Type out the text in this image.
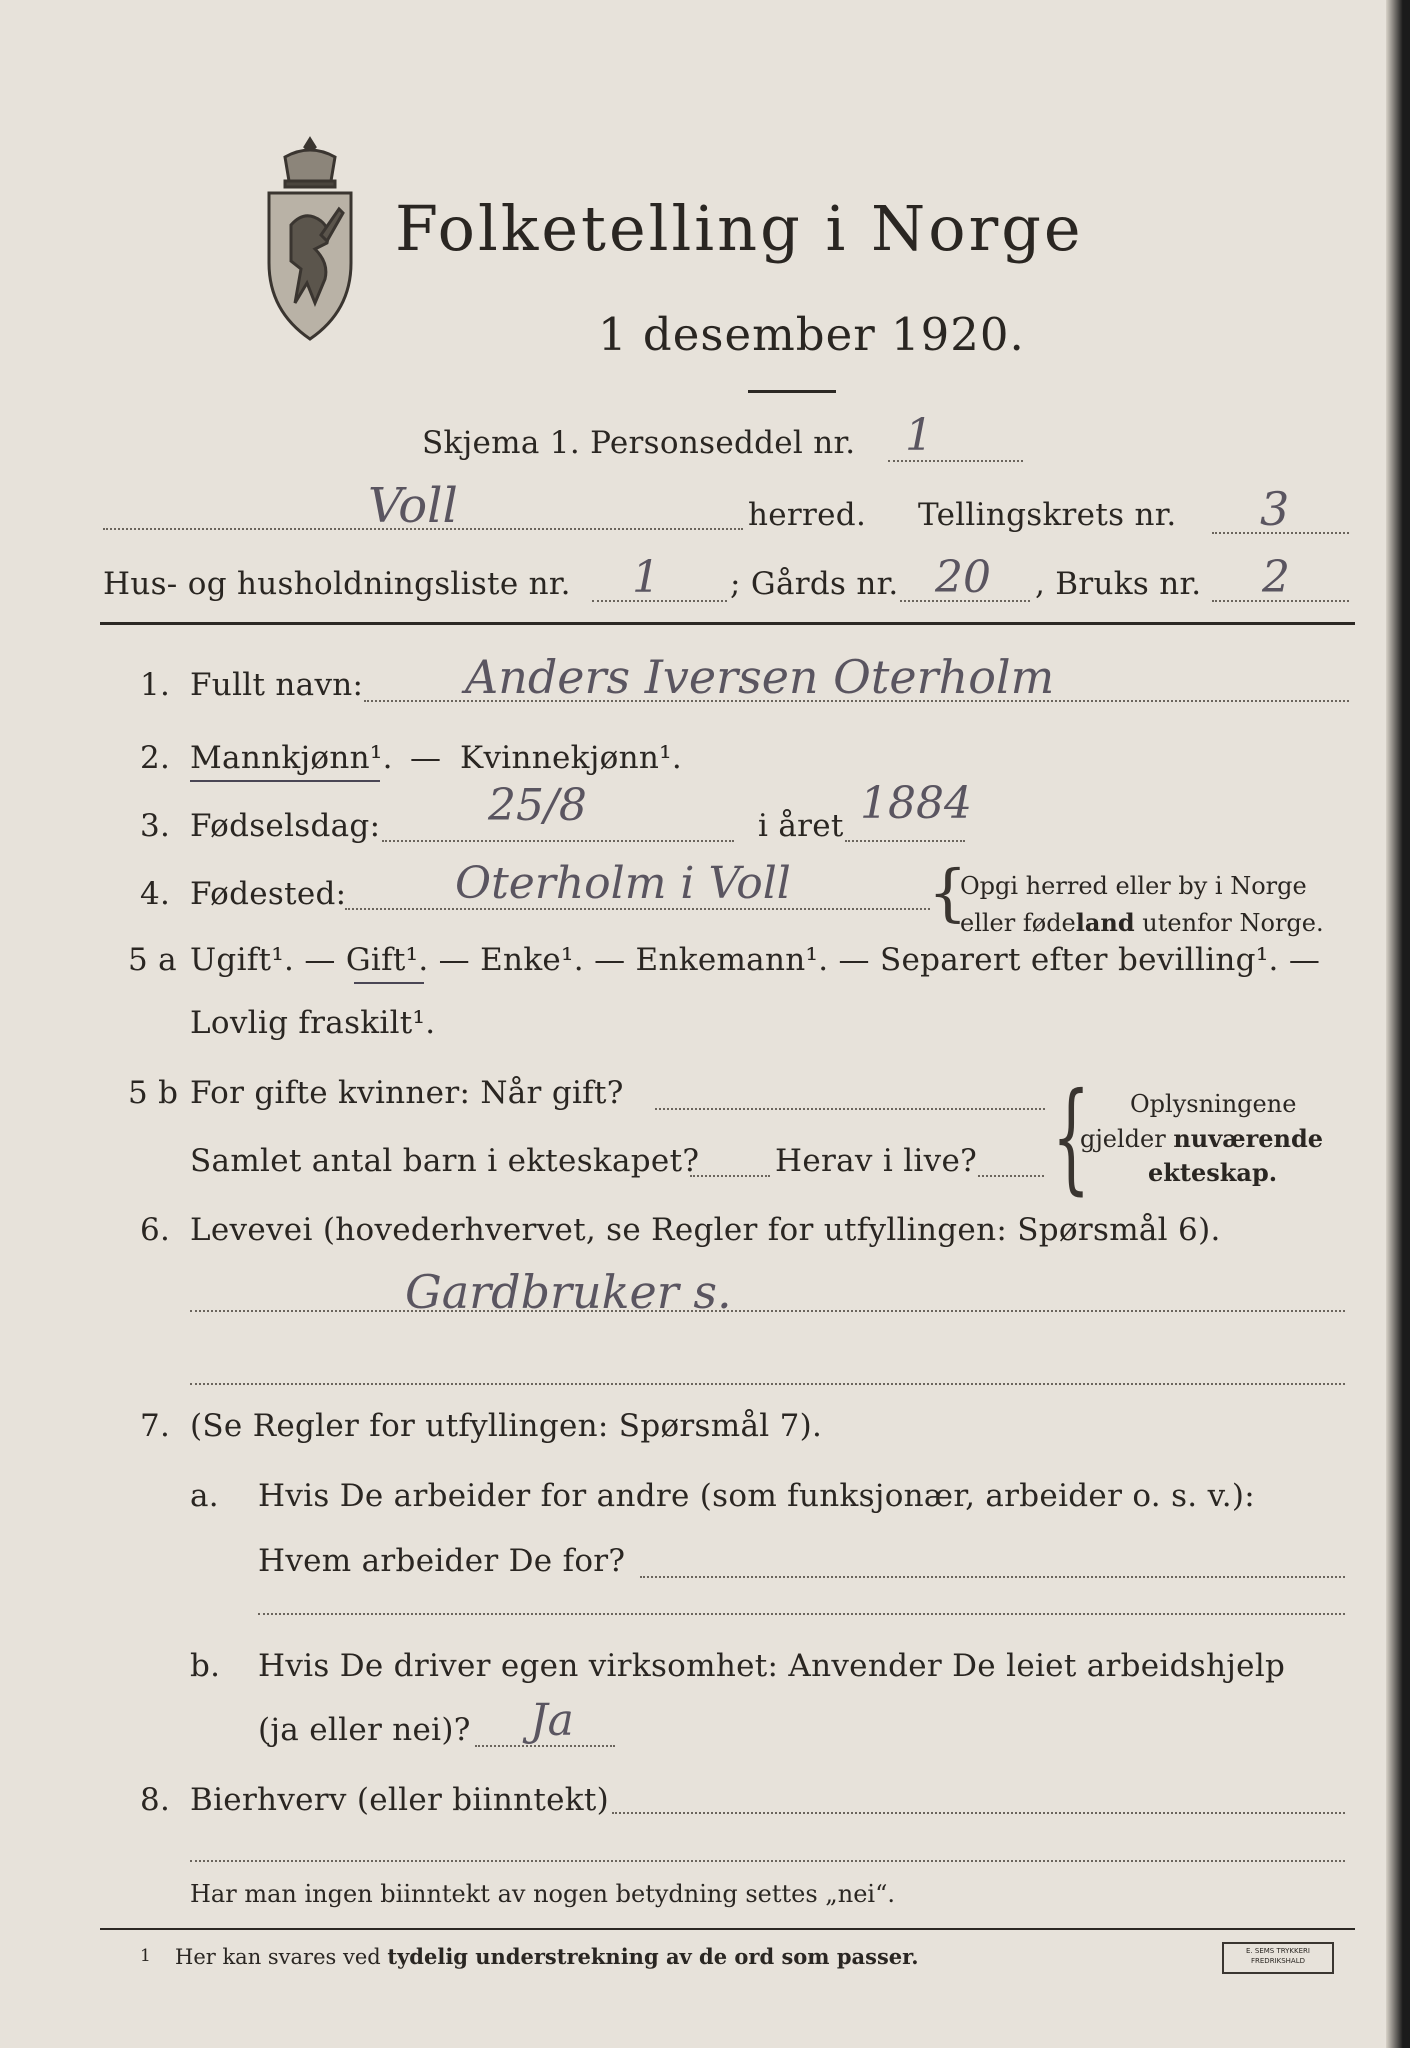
Folketelling i Norge
1 desember 1920.
Skjema 1. Personseddel nr. 1
Voll	herred. Tellingskrets nr. 3
Hus- og husholdningsliste nr. 1 ; Gårds nr. 20 , Bruks nr. 2
1. Fullt navn: Anders Iversen Oterholm
2. Mannkjønn¹. — Kvinnekjønn¹.
3. Fødselsdag: 25/8	i året 1884
4. Fødested: Oterholm i Voll {
Opgi herred eller by i Norge
eller fødeland utenfor Norge.
5 a Ugift¹. — Gift¹. — Enke¹. — Enkemann¹. — Separert efter bevilling¹. —
Lovlig fraskilt¹.
5 b For gifte kvinner: Når gift?
Samlet antal barn i ekteskapet? Herav i live? { Oplysningene
gjelder nuværende
ekteskap.
6. Levevei (hovederhvervet, se Regler for utfyllingen: Spørsmål 6).
Gardbruker s.
7. (Se Regler for utfyllingen: Spørsmål 7).
a. Hvis De arbeider for andre (som funksjonær, arbeider o. s. v.):
Hvem arbeider De for?
b. Hvis De driver egen virksomhet: Anvender De leiet arbeidshjelp
(ja eller nei)? Ja
8. Bierhverv (eller biinntekt)
Har man ingen biinntekt av nogen betydning settes „nei“.
1 Her kan svares ved tydelig understrekning av de ord som passer.	E. SEMS TRYKKERI
FREDRIKSHALD
